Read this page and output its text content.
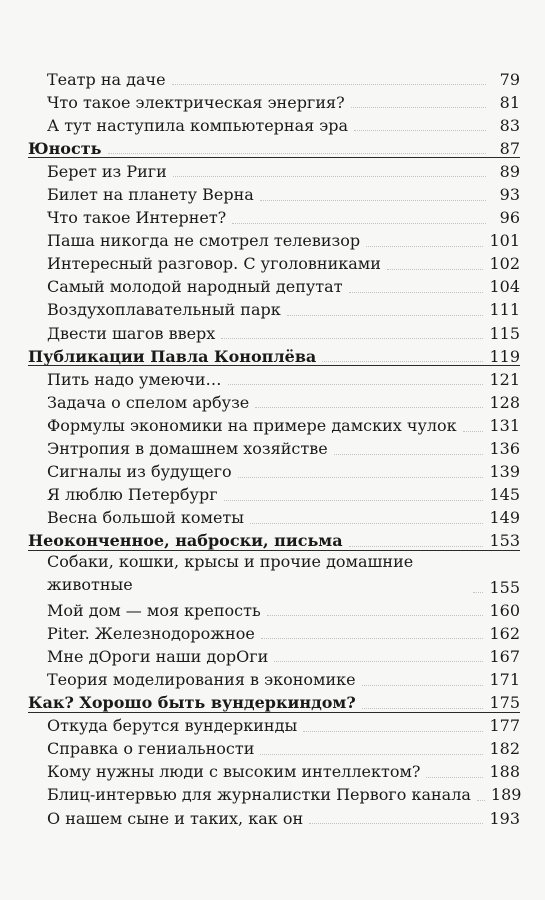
Театр на даче	79
Что такое электрическая энергия?	81
А тут наступила компьютерная эра	83
Юность	87
Берет из Риги	89
Билет на планету Верна	93
Что такое Интернет?	96
Паша никогда не смотрел телевизор	101
Интересный разговор. С уголовниками	102
Самый молодой народный депутат	104
Воздухоплавательный парк	111
Двести шагов вверх	115
Публикации Павла Коноплёва	119
Пить надо умеючи…	121
Задача о спелом арбузе	128
Формулы экономики на примере дамских чулок 131
Энтропия в домашнем хозяйстве	136
Сигналы из будущего	139
Я люблю Петербург	145
Весна большой кометы	149
Неоконченное, наброски, письма	153
Собаки, кошки, крысы и прочие домашние животные	155
Мой дом — моя крепость	160
Piter. Железнодорожное	162
Мне дОроги наши дорОги	167
Теория моделирования в экономике	171
Как? Хорошо быть вундеркиндом?	175
Откуда берутся вундеркинды	177
Справка о гениальности	182
Кому нужны люди с высоким интеллектом?	188
Блиц-интервью для журналистки Первого канала 189
О нашем сыне и таких, как он	193
